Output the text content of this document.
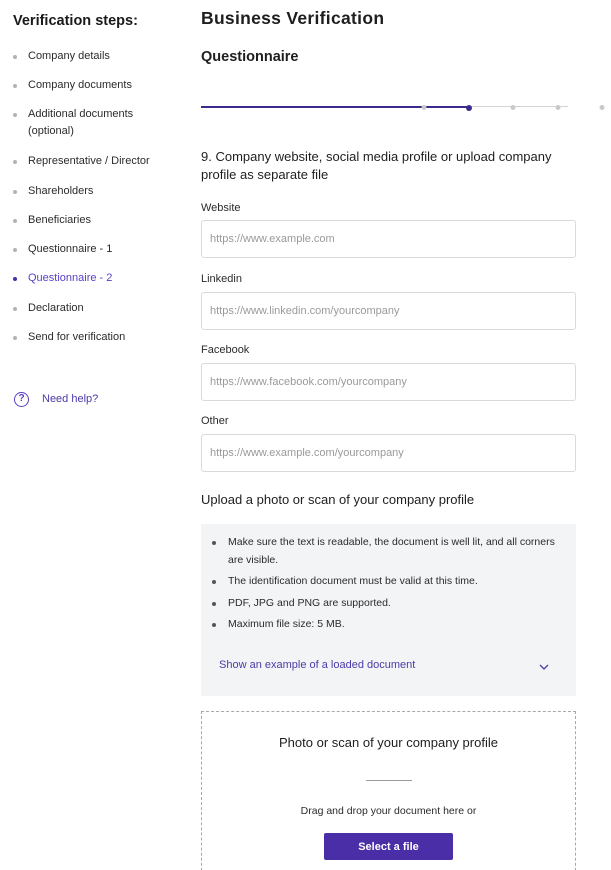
Verification steps:
Company details
Company documents
Additional documents (optional)
Representative / Director
Shareholders
Beneficiaries
Questionnaire - 1
Questionnaire - 2
Declaration
Send for verification
?	Need help?
Business Verification
Questionnaire
9. Company website, social media profile or upload company profile as separate file
Website
https://www.example.com
Linkedin
https://www.linkedin.com/yourcompany
Facebook
https://www.facebook.com/yourcompany
Other
https://www.example.com/yourcompany
Upload a photo or scan of your company profile
Make sure the text is readable, the document is well lit, and all corners are visible.
The identification document must be valid at this time.
PDF, JPG and PNG are supported.
Maximum file size: 5 MB.
Show an example of a loaded document
Photo or scan of your company profile
Drag and drop your document here or
Select a file
